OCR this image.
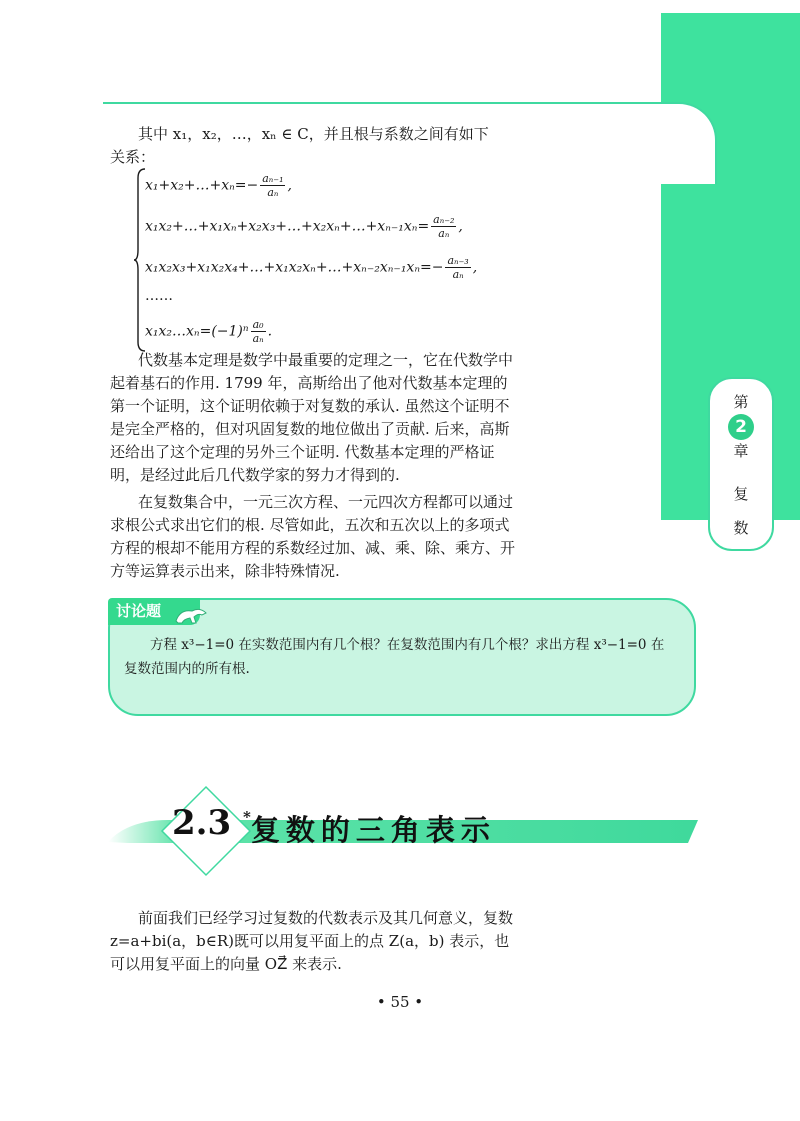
第
2
章
复
数
其中 x₁，x₂，…，xₙ ∈ C，并且根与系数之间有如下
关系：
x₁+x₂+…+xₙ=− $\frac{\text{aₙ₋₁}}{\text{aₙ}}$ ,
x₁x₂+…+x₁xₙ+x₂x₃+…+x₂xₙ+…+xₙ₋₁xₙ= $\frac{\text{aₙ₋₂}}{\text{aₙ}}$ ,
x₁x₂x₃+x₁x₂x₄+…+x₁x₂xₙ+…+xₙ₋₂xₙ₋₁xₙ=− $\frac{\text{aₙ₋₃}}{\text{aₙ}}$ ,
……
x₁x₂…xₙ=(−1)ⁿ $\frac{\text{a₀}}{\text{aₙ}}$ .
代数基本定理是数学中最重要的定理之一，它在代数学中
起着基石的作用. 1799 年，高斯给出了他对代数基本定理的
第一个证明，这个证明依赖于对复数的承认. 虽然这个证明不
是完全严格的，但对巩固复数的地位做出了贡献. 后来，高斯
还给出了这个定理的另外三个证明. 代数基本定理的严格证
明，是经过此后几代数学家的努力才得到的.
在复数集合中，一元三次方程、一元四次方程都可以通过
求根公式求出它们的根. 尽管如此，五次和五次以上的多项式
方程的根却不能用方程的系数经过加、减、乘、除、乘方、开
方等运算表示出来，除非特殊情况.
讨论题
方程 x³−1=0 在实数范围内有几个根？在复数范围内有几个根？求出方程 x³−1=0 在
复数范围内的所有根.
2.3 *复数的三角表示
前面我们已经学习过复数的代数表示及其几何意义，复数
z=a+bi(a，b∈R)既可以用复平面上的点 Z(a，b) 表示，也
可以用复平面上的向量 OZ⃗ 来表示.
• 55 •
